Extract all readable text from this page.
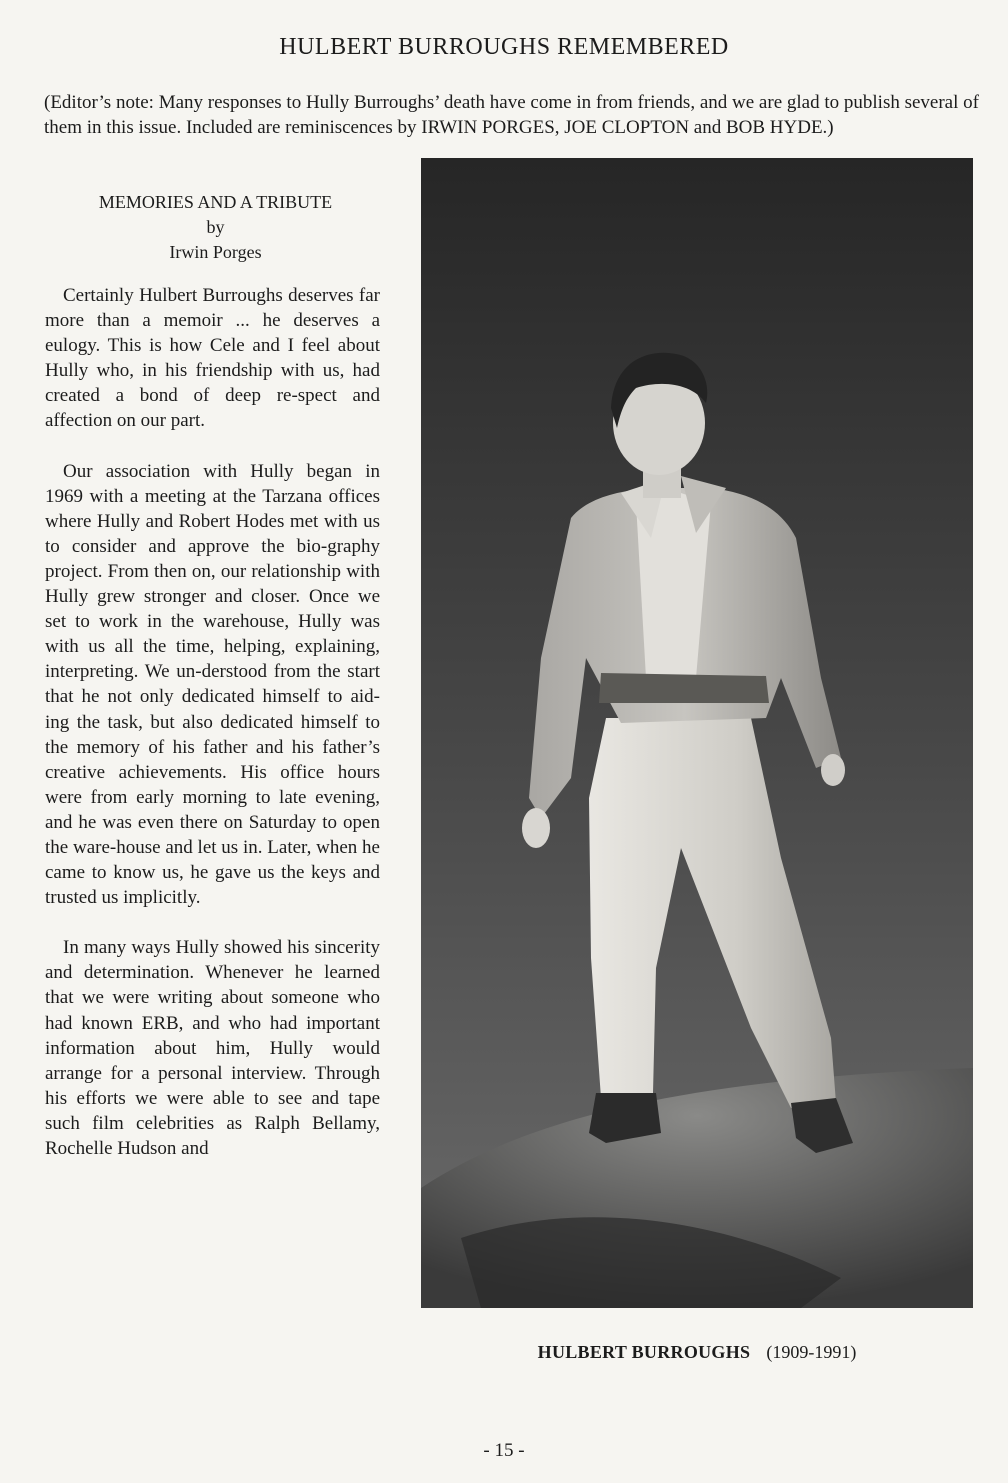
HULBERT BURROUGHS REMEMBERED
(Editor’s note: Many responses to Hully Burroughs’ death have come in from friends, and we are glad to publish several of them in this issue. Included are reminiscences by IRWIN PORGES, JOE CLOPTON and BOB HYDE.)
MEMORIES AND A TRIBUTE
by
Irwin Porges

Certainly Hulbert Burroughs deserves far more than a memoir ... he deserves a eulogy. This is how Cele and I feel about Hully who, in his friendship with us, had created a bond of deep re-spect and affection on our part.

Our association with Hully began in 1969 with a meeting at the Tarzana offices where Hully and Robert Hodes met with us to consider and approve the bio-graphy project. From then on, our relationship with Hully grew stronger and closer. Once we set to work in the warehouse, Hully was with us all the time, helping, explaining, interpreting. We un-derstood from the start that he not only dedicated himself to aid-ing the task, but also dedicated himself to the memory of his father and his father’s creative achievements. His office hours were from early morning to late evening, and he was even there on Saturday to open the ware-house and let us in. Later, when he came to know us, he gave us the keys and trusted us implicitly.

In many ways Hully showed his sincerity and determination. Whenever he learned that we were writing about someone who had known ERB, and who had important information about him, Hully would arrange for a personal interview. Through his efforts we were able to see and tape such film celebrities as Ralph Bellamy, Rochelle Hudson and

HULBERT BURROUGHS (1909-1991)
- 15 -
